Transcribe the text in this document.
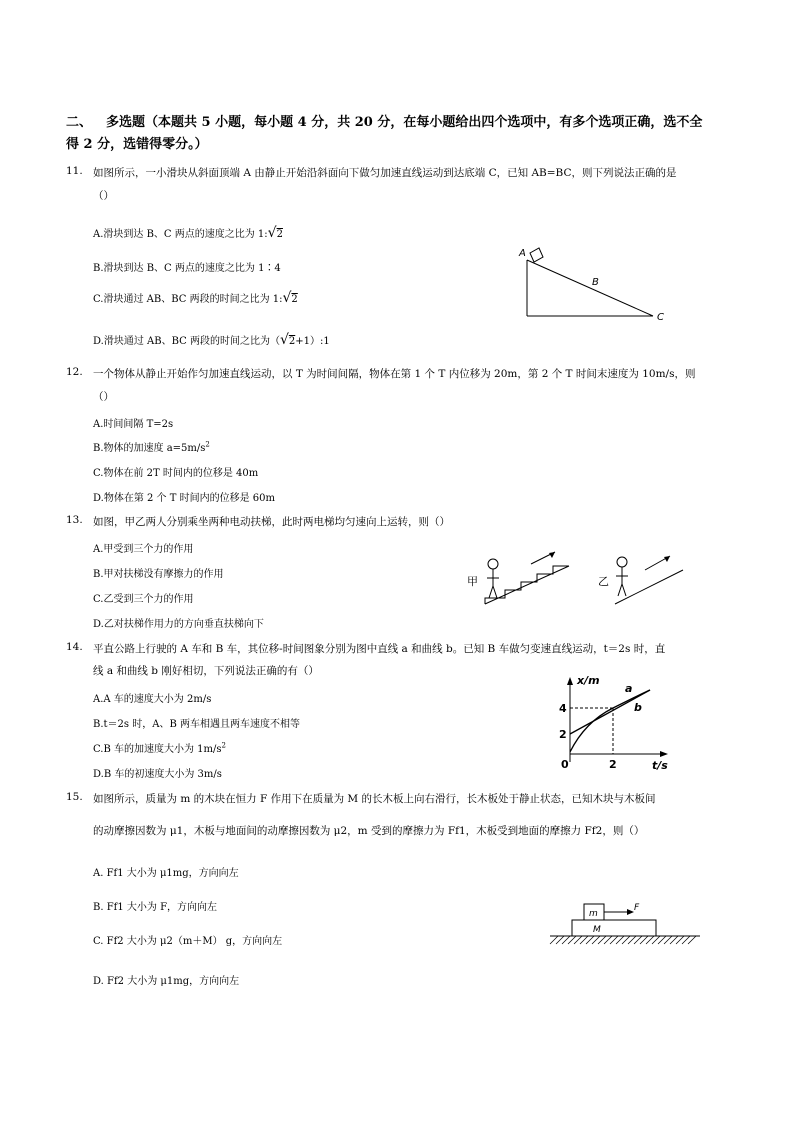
二、 多选题（本题共 5 小题，每小题 4 分，共 20 分，在每小题给出四个选项中，有多个选项正确，选不全
得 2 分，选错得零分。）
11. 如图所示，一小滑块从斜面顶端 A 由静止开始沿斜面向下做匀加速直线运动到达底端 C，已知 AB=BC，则下列说法正确的是
（）
A.滑块到达 B、C 两点的速度之比为 1:√2
B.滑块到达 B、C 两点的速度之比为 1∶4
C.滑块通过 AB、BC 两段的时间之比为 1:√2
D.滑块通过 AB、BC 两段的时间之比为（√2+1）:1
A
B
C
12. 一个物体从静止开始作匀加速直线运动，以 T 为时间间隔，物体在第 1 个 T 内位移为 20m，第 2 个 T 时间末速度为 10m/s，则
（）
A.时间间隔 T=2s
B.物体的加速度 $a=5m/s^2$
C.物体在前 2T 时间内的位移是 40m
D.物体在第 2 个 T 时间内的位移是 60m
13. 如图，甲乙两人分别乘坐两种电动扶梯，此时两电梯均匀速向上运转，则（）
A.甲受到三个力的作用
B.甲对扶梯没有摩擦力的作用
C.乙受到三个力的作用
D.乙对扶梯作用力的方向垂直扶梯向下
甲	乙
14. 平直公路上行驶的 A 车和 B 车，其位移-时间图象分别为图中直线 a 和曲线 b。已知 B 车做匀变速直线运动，t＝2s 时，直
线 a 和曲线 b 刚好相切，下列说法正确的有（）
A.A 车的速度大小为 2m/s
B.t＝2s 时，A、B 两车相遇且两车速度不相等
C.B 车的加速度大小为 $1m/s^2$
D.B 车的初速度大小为 3m/s
x/m
t/s
4
2
0	2
a
b
15. 如图所示，质量为 m 的木块在恒力 F 作用下在质量为 M 的长木板上向右滑行，长木板处于静止状态，已知木块与木板间
的动摩擦因数为 μ1，木板与地面间的动摩擦因数为 μ2，m 受到的摩擦力为 Ff1，木板受到地面的摩擦力 Ff2，则（）
A. Ff1 大小为 μ1mg，方向向左
B. Ff1 大小为 F，方向向左
C. Ff2 大小为 μ2（m＋M） g，方向向左
D. Ff2 大小为 μ1mg，方向向左
m
F
M
